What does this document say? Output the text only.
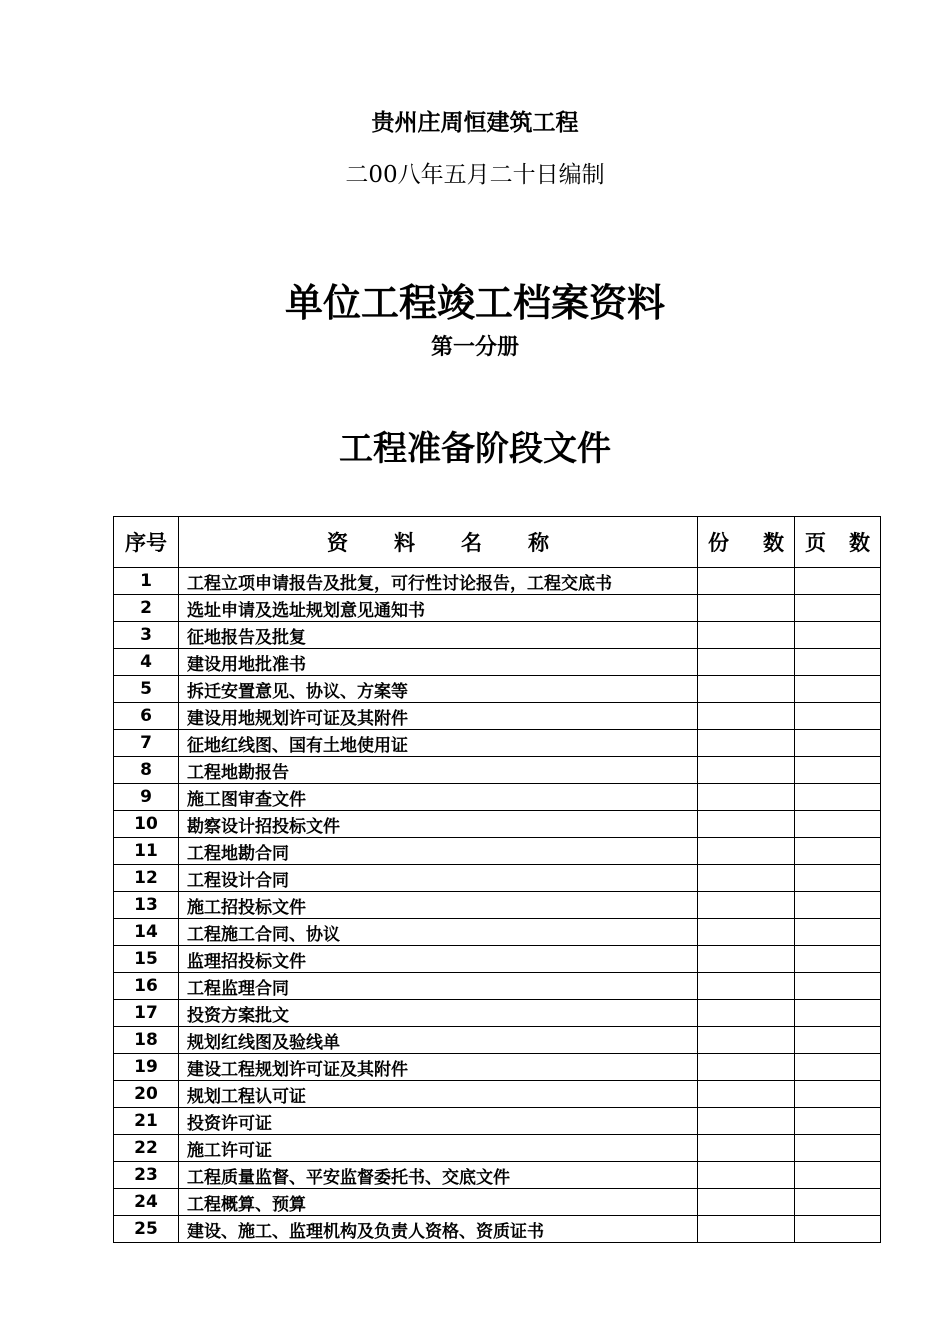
贵州庄周恒建筑工程
二00八年五月二十日编制
单位工程竣工档案资料
第一分册
工程准备阶段文件
序号	资 料 名 称	份 数	页 数

1	工程立项申请报告及批复，可行性讨论报告，工程交底书		
2	选址申请及选址规划意见通知书		
3	征地报告及批复		
4	建设用地批准书		
5	拆迁安置意见、协议、方案等		
6	建设用地规划许可证及其附件		
7	征地红线图、国有土地使用证		
8	工程地勘报告		
9	施工图审查文件		
10	勘察设计招投标文件		
11	工程地勘合同		
12	工程设计合同		
13	施工招投标文件		
14	工程施工合同、协议		
15	监理招投标文件		
16	工程监理合同		
17	投资方案批文		
18	规划红线图及验线单		
19	建设工程规划许可证及其附件		
20	规划工程认可证		
21	投资许可证		
22	施工许可证		
23	工程质量监督、平安监督委托书、交底文件		
24	工程概算、预算		
25	建设、施工、监理机构及负责人资格、资质证书		
